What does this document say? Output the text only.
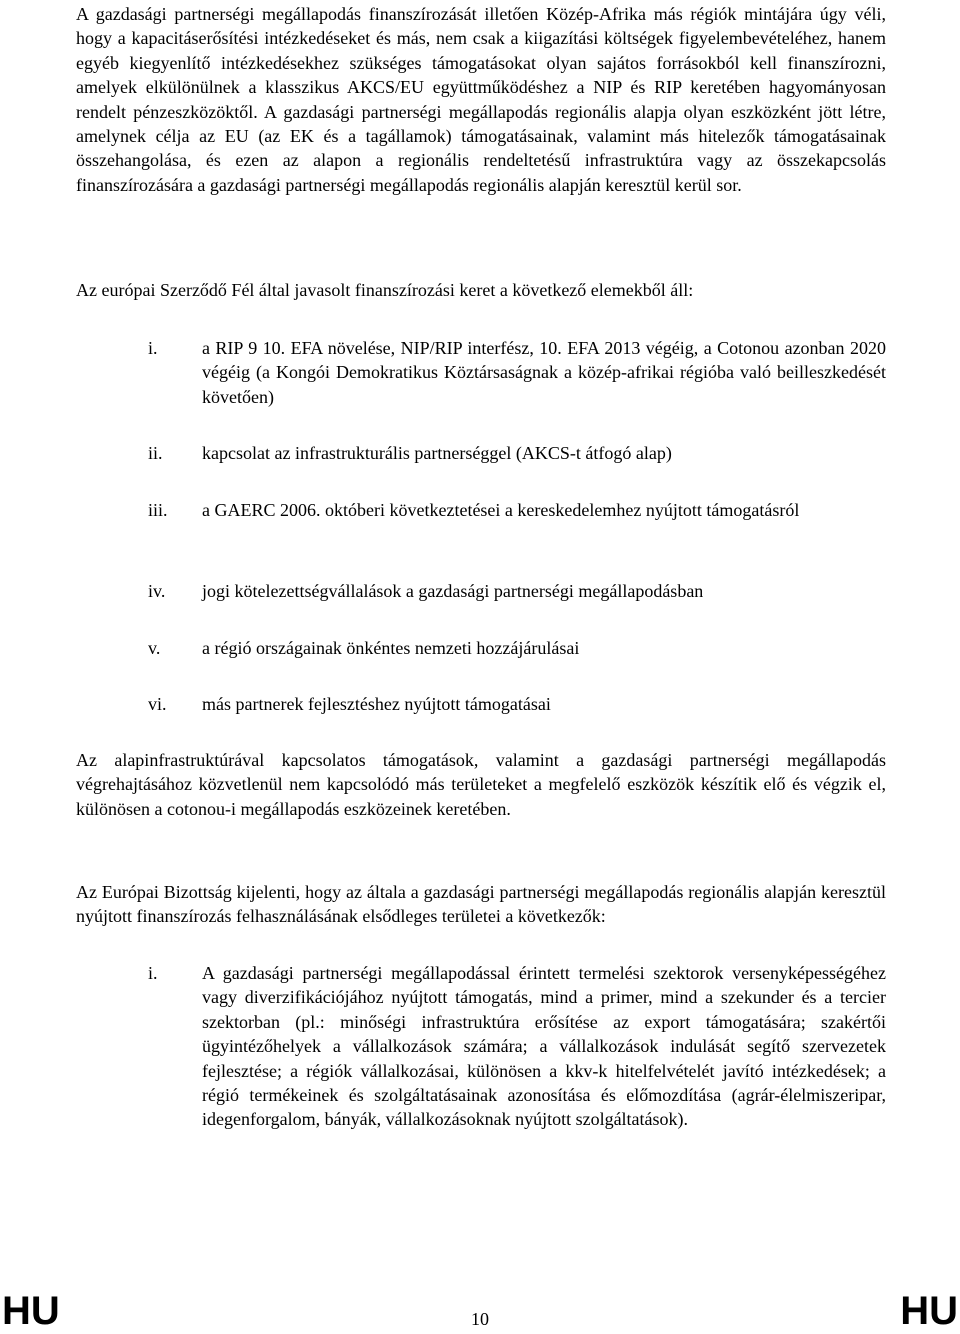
A gazdasági partnerségi megállapodás finanszírozását illetően Közép-Afrika más régiók mintájára úgy véli, hogy a kapacitáserősítési intézkedéseket és más, nem csak a kiigazítási költségek figyelembevételéhez, hanem egyéb kiegyenlítő intézkedésekhez szükséges támogatásokat olyan sajátos forrásokból kell finanszírozni, amelyek elkülönülnek a klasszikus AKCS/EU együttműködéshez a NIP és RIP keretében hagyományosan rendelt pénzeszközöktől. A gazdasági partnerségi megállapodás regionális alapja olyan eszközként jött létre, amelynek célja az EU (az EK és a tagállamok) támogatásainak, valamint más hitelezők támogatásainak összehangolása, és ezen az alapon a regionális rendeltetésű infrastruktúra vagy az összekapcsolás finanszírozására a gazdasági partnerségi megállapodás regionális alapján keresztül kerül sor.

Az európai Szerződő Fél által javasolt finanszírozási keret a következő elemekből áll:

i.	a RIP 9 10. EFA növelése, NIP/RIP interfész, 10. EFA 2013 végéig, a Cotonou azonban 2020 végéig (a Kongói Demokratikus Köztársaságnak a közép-afrikai régióba való beilleszkedését követően)
ii.	kapcsolat az infrastrukturális partnerséggel (AKCS-t átfogó alap)
iii.	a GAERC 2006. októberi következtetései a kereskedelemhez nyújtott támogatásról
iv.	jogi kötelezettségvállalások a gazdasági partnerségi megállapodásban
v.	a régió országainak önkéntes nemzeti hozzájárulásai
vi.	más partnerek fejlesztéshez nyújtott támogatásai

Az alapinfrastruktúrával kapcsolatos támogatások, valamint a gazdasági partnerségi megállapodás végrehajtásához közvetlenül nem kapcsolódó más területeket a megfelelő eszközök készítik elő és végzik el, különösen a cotonou-i megállapodás eszközeinek keretében.

Az Európai Bizottság kijelenti, hogy az általa a gazdasági partnerségi megállapodás regionális alapján keresztül nyújtott finanszírozás felhasználásának elsődleges területei a következők:

i.	A gazdasági partnerségi megállapodással érintett termelési szektorok versenyképességéhez vagy diverzifikációjához nyújtott támogatás, mind a primer, mind a szekunder és a tercier szektorban (pl.: minőségi infrastruktúra erősítése az export támogatására; szakértői ügyintézőhelyek a vállalkozások számára; a vállalkozások indulását segítő szervezetek fejlesztése; a régiók vállalkozásai, különösen a kkv-k hitelfelvételét javító intézkedések; a régió termékeinek és szolgáltatásainak azonosítása és előmozdítása (agrár-élelmiszeripar, idegenforgalom, bányák, vállalkozásoknak nyújtott szolgáltatások).
HU	10	HU
